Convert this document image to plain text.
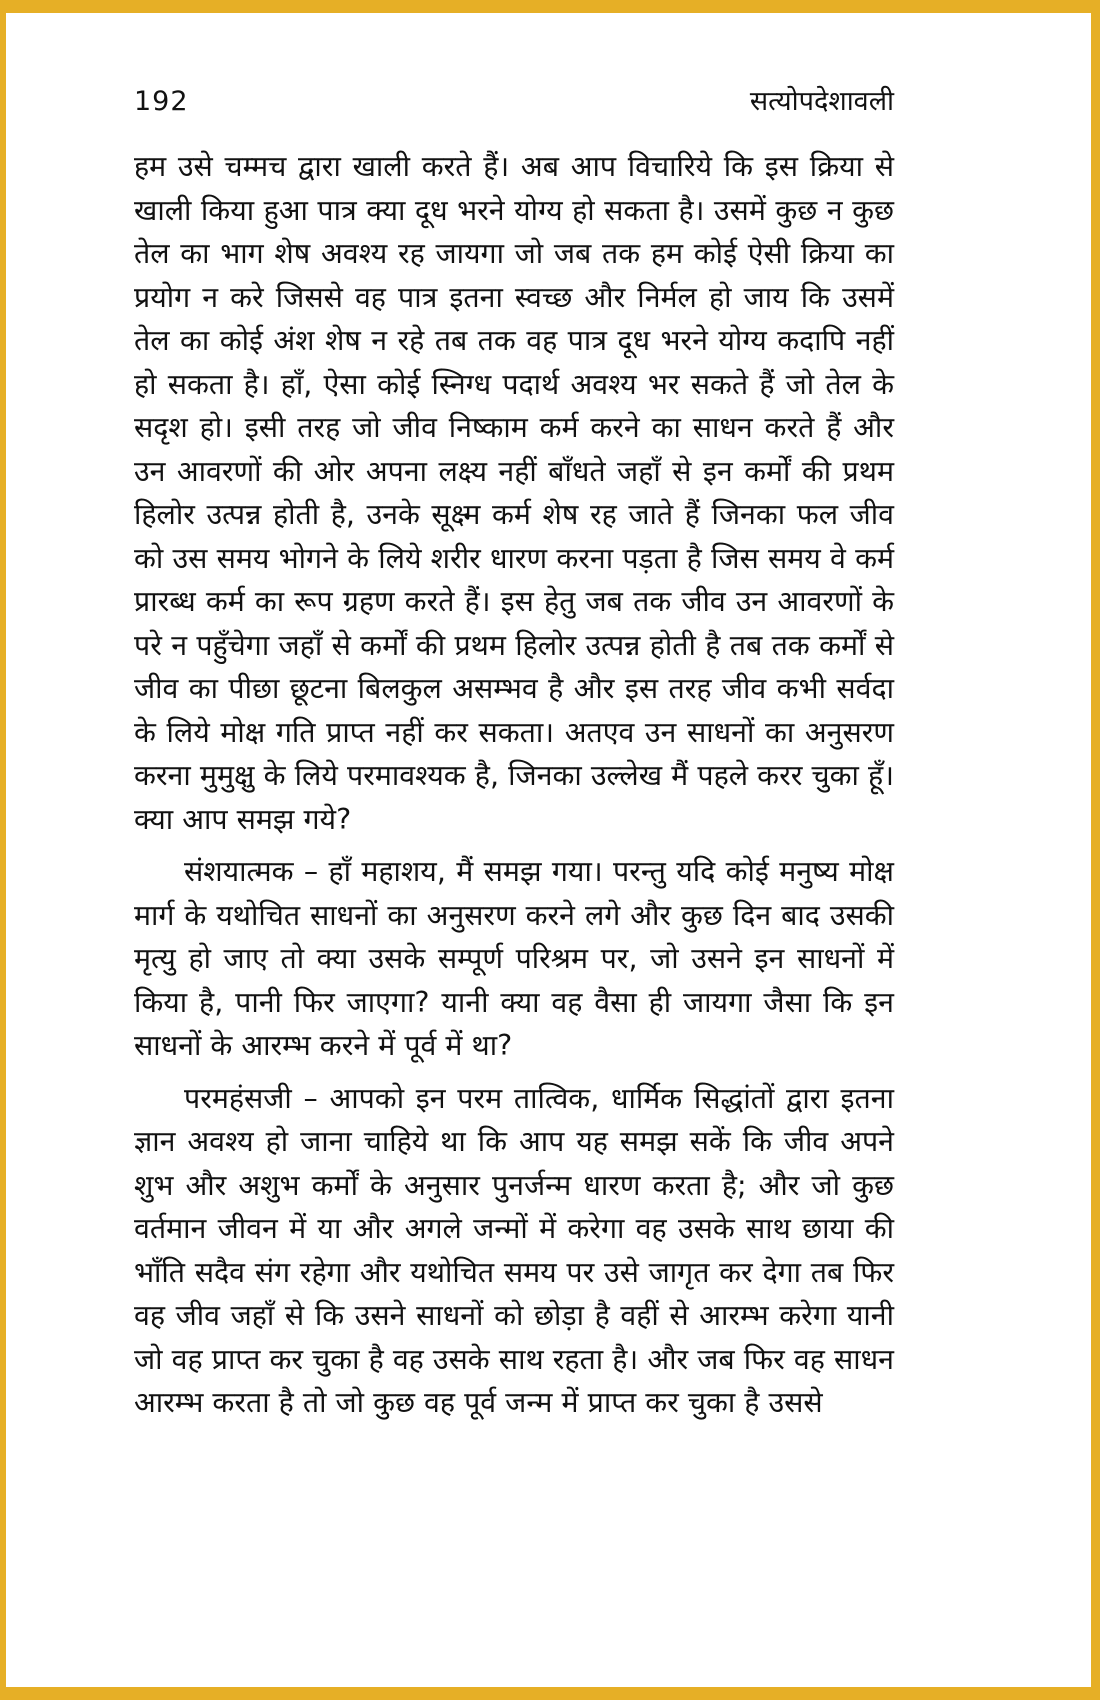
192	सत्योपदेशावली

हम उसे चम्मच द्वारा खाली करते हैं। अब आप विचारिये कि इस क्रिया से खाली किया हुआ पात्र क्या दूध भरने योग्य हो सकता है। उसमें कुछ न कुछ तेल का भाग शेष अवश्य रह जायगा जो जब तक हम कोई ऐसी क्रिया का प्रयोग न करे जिससे वह पात्र इतना स्वच्छ और निर्मल हो जाय कि उसमें तेल का कोई अंश शेष न रहे तब तक वह पात्र दूध भरने योग्य कदापि नहीं हो सकता है। हाँ, ऐसा कोई स्निग्ध पदार्थ अवश्य भर सकते हैं जो तेल के सदृश हो। इसी तरह जो जीव निष्काम कर्म करने का साधन करते हैं और उन आवरणों की ओर अपना लक्ष्य नहीं बाँधते जहाँ से इन कर्मों की प्रथम हिलोर उत्पन्न होती है, उनके सूक्ष्म कर्म शेष रह जाते हैं जिनका फल जीव को उस समय भोगने के लिये शरीर धारण करना पड़ता है जिस समय वे कर्म प्रारब्ध कर्म का रूप ग्रहण करते हैं। इस हेतु जब तक जीव उन आवरणों के परे न पहुँचेगा जहाँ से कर्मों की प्रथम हिलोर उत्पन्न होती है तब तक कर्मों से जीव का पीछा छूटना बिलकुल असम्भव है और इस तरह जीव कभी सर्वदा के लिये मोक्ष गति प्राप्त नहीं कर सकता। अतएव उन साधनों का अनुसरण करना मुमुक्षु के लिये परमावश्यक है, जिनका उल्लेख मैं पहले करर चुका हूँ। क्या आप समझ गये?

संशयात्मक – हाँ महाशय, मैं समझ गया। परन्तु यदि कोई मनुष्य मोक्ष मार्ग के यथोचित साधनों का अनुसरण करने लगे और कुछ दिन बाद उसकी मृत्यु हो जाए तो क्या उसके सम्पूर्ण परिश्रम पर, जो उसने इन साधनों में किया है, पानी फिर जाएगा? यानी क्या वह वैसा ही जायगा जैसा कि इन साधनों के आरम्भ करने में पूर्व में था?

परमहंसजी – आपको इन परम तात्विक, धार्मिक सिद्धांतों द्वारा इतना ज्ञान अवश्य हो जाना चाहिये था कि आप यह समझ सकें कि जीव अपने शुभ और अशुभ कर्मों के अनुसार पुनर्जन्म धारण करता है; और जो कुछ वर्तमान जीवन में या और अगले जन्मों में करेगा वह उसके साथ छाया की भाँति सदैव संग रहेगा और यथोचित समय पर उसे जागृत कर देगा तब फिर वह जीव जहाँ से कि उसने साधनों को छोड़ा है वहीं से आरम्भ करेगा यानी जो वह प्राप्त कर चुका है वह उसके साथ रहता है। और जब फिर वह साधन आरम्भ करता है तो जो कुछ वह पूर्व जन्म में प्राप्त कर चुका है उससे
